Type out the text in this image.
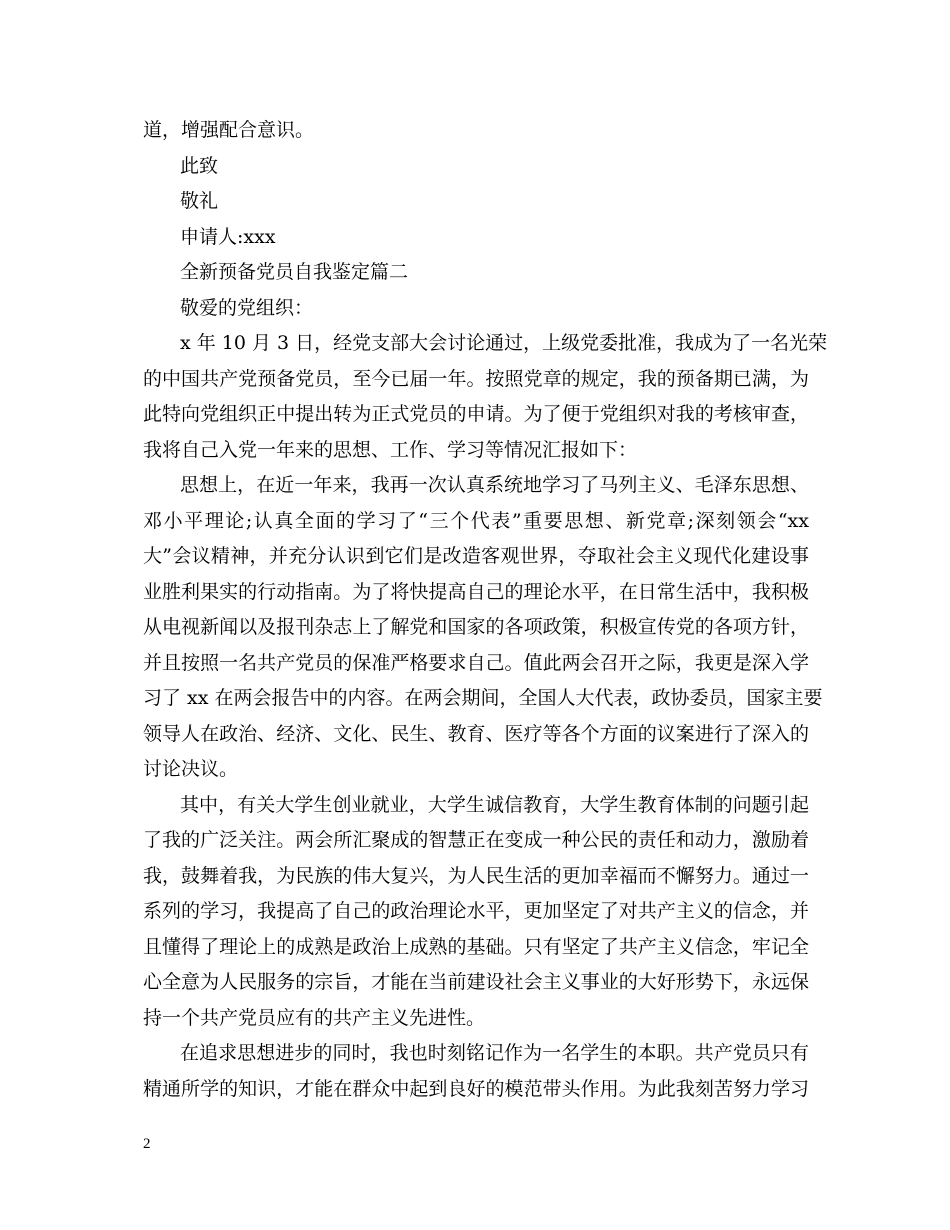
道，增强配合意识。
此致
敬礼
申请人:xxx
全新预备党员自我鉴定篇二
敬爱的党组织：
x 年 10 月 3 日，经党支部大会讨论通过，上级党委批准，我成为了一名光荣
的中国共产党预备党员，至今已届一年。按照党章的规定，我的预备期已满，为
此特向党组织正中提出转为正式党员的申请。为了便于党组织对我的考核审查，
我将自己入党一年来的思想、工作、学习等情况汇报如下：
思想上，在近一年来，我再一次认真系统地学习了马列主义、毛泽东思想、
邓小平理论;认真全面的学习了“三个代表”重要思想、新党章;深刻领会“xx
大”会议精神，并充分认识到它们是改造客观世界，夺取社会主义现代化建设事
业胜利果实的行动指南。为了将快提高自己的理论水平，在日常生活中，我积极
从电视新闻以及报刊杂志上了解党和国家的各项政策，积极宣传党的各项方针，
并且按照一名共产党员的保准严格要求自己。值此两会召开之际，我更是深入学
习了 xx 在两会报告中的内容。在两会期间，全国人大代表，政协委员，国家主要
领导人在政治、经济、文化、民生、教育、医疗等各个方面的议案进行了深入的
讨论决议。
其中，有关大学生创业就业，大学生诚信教育，大学生教育体制的问题引起
了我的广泛关注。两会所汇聚成的智慧正在变成一种公民的责任和动力，激励着
我，鼓舞着我，为民族的伟大复兴，为人民生活的更加幸福而不懈努力。通过一
系列的学习，我提高了自己的政治理论水平，更加坚定了对共产主义的信念，并
且懂得了理论上的成熟是政治上成熟的基础。只有坚定了共产主义信念，牢记全
心全意为人民服务的宗旨，才能在当前建设社会主义事业的大好形势下，永远保
持一个共产党员应有的共产主义先进性。
在追求思想进步的同时，我也时刻铭记作为一名学生的本职。共产党员只有
精通所学的知识，才能在群众中起到良好的模范带头作用。为此我刻苦努力学习
2
